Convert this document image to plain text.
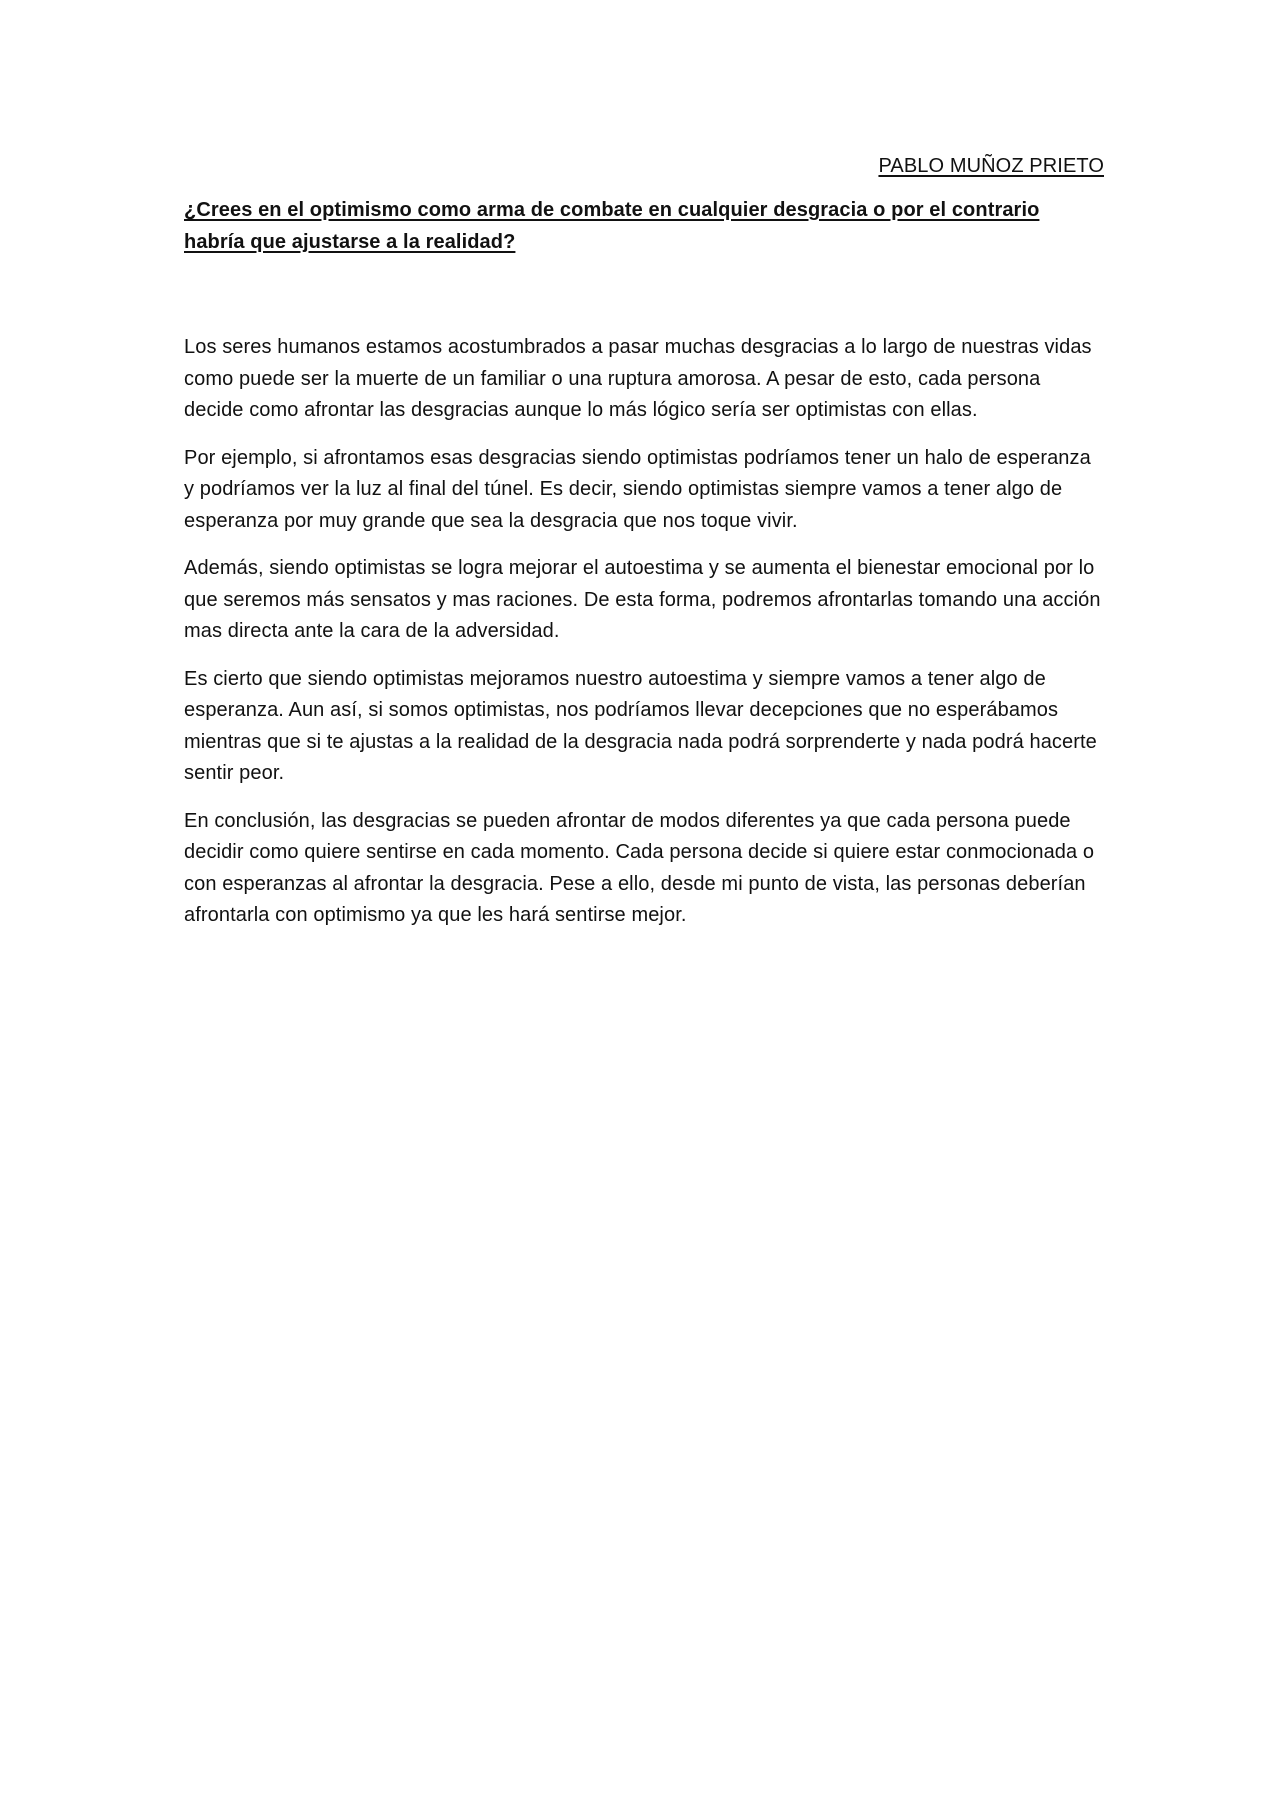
PABLO MUÑOZ PRIETO

¿Crees en el optimismo como arma de combate en cualquier desgracia o por el contrario habría que ajustarse a la realidad?

Los seres humanos estamos acostumbrados a pasar muchas desgracias a lo largo de nuestras vidas como puede ser la muerte de un familiar o una ruptura amorosa. A pesar de esto, cada persona decide como afrontar las desgracias aunque lo más lógico sería ser optimistas con ellas.

Por ejemplo, si afrontamos esas desgracias siendo optimistas podríamos tener un halo de esperanza y podríamos ver la luz al final del túnel. Es decir, siendo optimistas siempre vamos a tener algo de esperanza por muy grande que sea la desgracia que nos toque vivir.

Además, siendo optimistas se logra mejorar el autoestima y se aumenta el bienestar emocional por lo que seremos más sensatos y mas raciones. De esta forma, podremos afrontarlas tomando una acción mas directa ante la cara de la adversidad.

Es cierto que siendo optimistas mejoramos nuestro autoestima y siempre vamos a tener algo de esperanza. Aun así, si somos optimistas, nos podríamos llevar decepciones que no esperábamos mientras que si te ajustas a la realidad de la desgracia nada podrá sorprenderte y nada podrá hacerte sentir peor.

En conclusión, las desgracias se pueden afrontar de modos diferentes ya que cada persona puede decidir como quiere sentirse en cada momento. Cada persona decide si quiere estar conmocionada o con esperanzas al afrontar la desgracia. Pese a ello, desde mi punto de vista, las personas deberían afrontarla con optimismo ya que les hará sentirse mejor.
